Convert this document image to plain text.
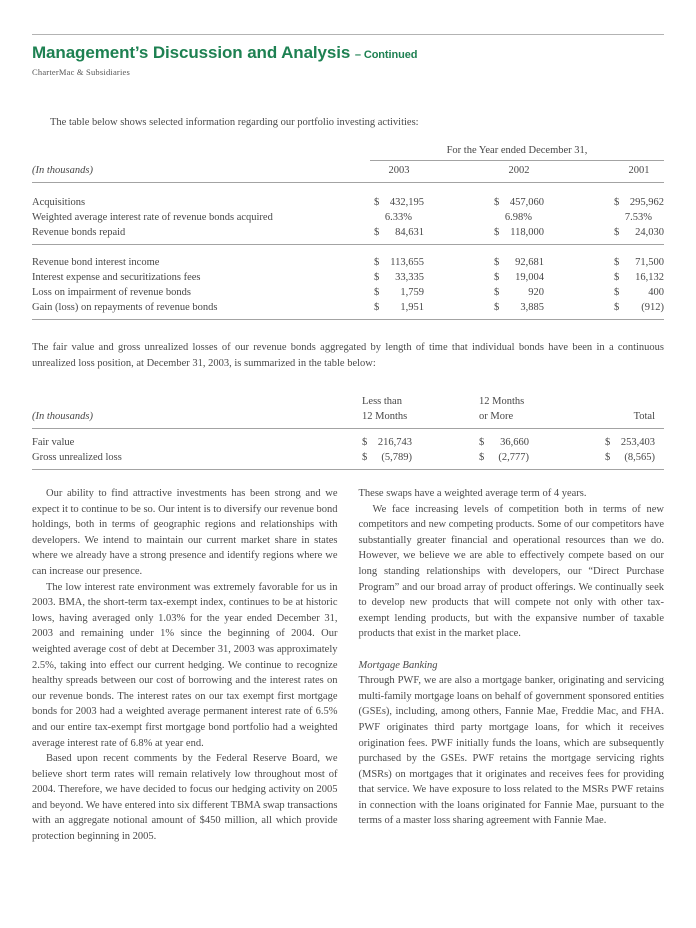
Management’s Discussion and Analysis – Continued
CharterMac & Subsidiaries

The table below shows selected information regarding our portfolio investing activities:

	For the Year ended December 31,		

(In thousands)	2003	2002	2001

Acquisitions	$ 432,195	$ 457,060	$ 295,962

Weighted average interest rate of revenue bonds acquired	6.33%	6.98%	7.53%

Revenue bonds repaid	$ 84,631	$ 118,000	$ 24,030

Revenue bond interest income	$ 113,655	$ 92,681	$ 71,500

Interest expense and securitizations fees	$ 33,335	$ 19,004	$ 16,132

Loss on impairment of revenue bonds	$ 1,759	$ 920	$ 400

Gain (loss) on repayments of revenue bonds	$ 1,951	$ 3,885	$ (912)

The fair value and gross unrealized losses of our revenue bonds aggregated by length of time that individual bonds have been in a continuous unrealized loss position, at December 31, 2003, is summarized in the table below:

	Less than	12 Months	

(In thousands)	12 Months	or More	Total

Fair value	$ 216,743	$ 36,660	$ 253,403

Gross unrealized loss	$ (5,789)	$ (2,777)	$ (8,565)

Our ability to find attractive investments has been strong and we expect it to continue to be so. Our intent is to diversify our revenue bond holdings, both in terms of geographic regions and relationships with developers. We intend to maintain our current market share in states where we already have a strong presence and identify regions where we can increase our presence.

The low interest rate environment was extremely favorable for us in 2003. BMA, the short-term tax-exempt index, continues to be at historic lows, having averaged only 1.03% for the year ended December 31, 2003 and remaining under 1% since the beginning of 2004. Our weighted average cost of debt at December 31, 2003 was approximately 2.5%, taking into effect our current hedging. We continue to recognize healthy spreads between our cost of borrowing and the interest rates on our revenue bonds. The interest rates on our tax exempt first mortgage bonds for 2003 had a weighted average permanent interest rate of 6.5% and our entire tax-exempt first mortgage bond portfolio had a weighted average interest rate of 6.8% at year end.

Based upon recent comments by the Federal Reserve Board, we believe short term rates will remain relatively low throughout most of 2004. Therefore, we have decided to focus our hedging activity on 2005 and beyond. We have entered into six different TBMA swap transactions with an aggregate notional amount of $450 million, all which provide protection beginning in 2005.

These swaps have a weighted average term of 4 years.

We face increasing levels of competition both in terms of new competitors and new competing products. Some of our competitors have substantially greater financial and operational resources than we do. However, we believe we are able to effectively compete based on our long standing relationships with developers, our “Direct Purchase Program” and our broad array of product offerings. We continually seek to develop new products that will compete not only with other tax-exempt lending products, but with the expansive number of taxable products that exist in the market place.

Mortgage Banking

Through PWF, we are also a mortgage banker, originating and servicing multi-family mortgage loans on behalf of government sponsored entities (GSEs), including, among others, Fannie Mae, Freddie Mac, and FHA. PWF originates third party mortgage loans, for which it receives origination fees. PWF initially funds the loans, which are subsequently purchased by the GSEs. PWF retains the mortgage servicing rights (MSRs) on mortgages that it originates and receives fees for providing that service. We have exposure to loss related to the MSRs PWF retains in connection with the loans originated for Fannie Mae, pursuant to the terms of a master loss sharing agreement with Fannie Mae.
